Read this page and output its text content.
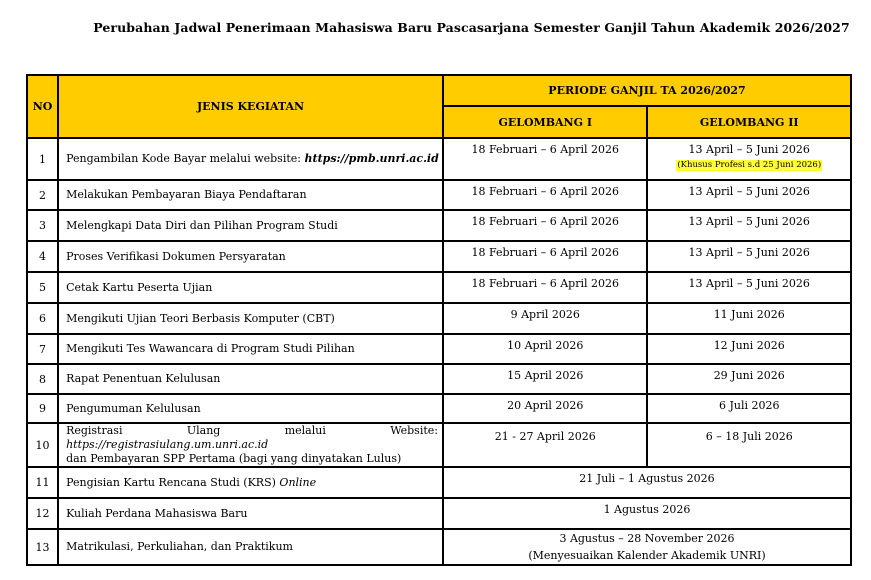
Perubahan Jadwal Penerimaan Mahasiswa Baru Pascasarjana Semester Ganjil Tahun Akademik 2026/2027
NO	JENIS KEGIATAN	PERIODE GANJIL TA 2026/2027	
		GELOMBANG I	GELOMBANG II
1	Pengambilan Kode Bayar melalui website: https://pmb.unri.ac.id	18 Februari – 6 April 2026	13 April – 5 Juni 2026
(Khusus Profesi s.d 25 Juni 2026)
2	Melakukan Pembayaran Biaya Pendaftaran	18 Februari – 6 April 2026	13 April – 5 Juni 2026
3	Melengkapi Data Diri dan Pilihan Program Studi	18 Februari – 6 April 2026	13 April – 5 Juni 2026
4	Proses Verifikasi Dokumen Persyaratan	18 Februari – 6 April 2026	13 April – 5 Juni 2026
5	Cetak Kartu Peserta Ujian	18 Februari – 6 April 2026	13 April – 5 Juni 2026
6	Mengikuti Ujian Teori Berbasis Komputer (CBT)	9 April 2026	11 Juni 2026
7	Mengikuti Tes Wawancara di Program Studi Pilihan	10 April 2026	12 Juni 2026
8	Rapat Penentuan Kelulusan	15 April 2026	29 Juni 2026
9	Pengumuman Kelulusan	20 April 2026	6 Juli 2026
10	Registrasi Ulang melalui Website: https://registrasiulang.um.unri.ac.id
dan Pembayaran SPP Pertama (bagi yang dinyatakan Lulus)	21 - 27 April 2026	6 – 18 Juli 2026
11	Pengisian Kartu Rencana Studi (KRS) Online	21 Juli – 1 Agustus 2026	
12	Kuliah Perdana Mahasiswa Baru	1 Agustus 2026	
13	Matrikulasi, Perkuliahan, dan Praktikum	3 Agustus – 28 November 2026
(Menyesuaikan Kalender Akademik UNRI)	
